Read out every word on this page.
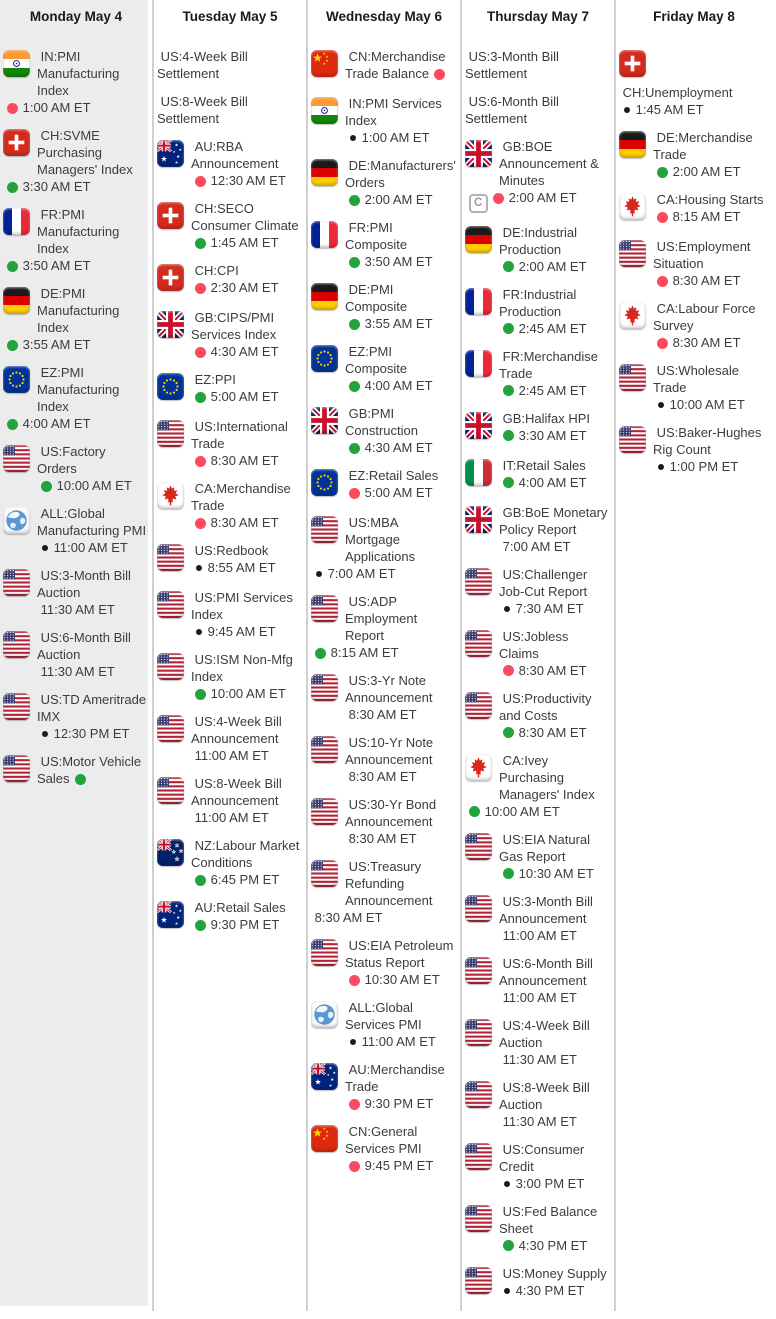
Monday May 4
IN:PMI Manufacturing Index
1:00 AM ET
CH:SVME Purchasing Managers' Index
3:30 AM ET
FR:PMI Manufacturing Index
3:50 AM ET
DE:PMI Manufacturing Index
3:55 AM ET
EZ:PMI Manufacturing Index
4:00 AM ET
US:Factory Orders
10:00 AM ET
ALL:Global Manufacturing PMI
11:00 AM ET
US:3-Month Bill Auction
11:30 AM ET
US:6-Month Bill Auction
11:30 AM ET
US:TD Ameritrade IMX
12:30 PM ET
US:Motor Vehicle Sales
Tuesday May 5
US:4-Week Bill Settlement
US:8-Week Bill Settlement
AU:RBA Announcement
12:30 AM ET
CH:SECO Consumer Climate
1:45 AM ET
CH:CPI
2:30 AM ET
GB:CIPS/PMI Services Index
4:30 AM ET
EZ:PPI
5:00 AM ET
US:International Trade
8:30 AM ET
CA:Merchandise Trade
8:30 AM ET
US:Redbook
8:55 AM ET
US:PMI Services Index
9:45 AM ET
US:ISM Non-Mfg Index
10:00 AM ET
US:4-Week Bill Announcement
11:00 AM ET
US:8-Week Bill Announcement
11:00 AM ET
NZ:Labour Market Conditions
6:45 PM ET
AU:Retail Sales
9:30 PM ET
Wednesday May 6
CN:Merchandise Trade Balance
IN:PMI Services Index
1:00 AM ET
DE:Manufacturers' Orders
2:00 AM ET
FR:PMI Composite
3:50 AM ET
DE:PMI Composite
3:55 AM ET
EZ:PMI Composite
4:00 AM ET
GB:PMI Construction
4:30 AM ET
EZ:Retail Sales
5:00 AM ET
US:MBA Mortgage Applications
7:00 AM ET
US:ADP Employment Report
8:15 AM ET
US:3-Yr Note Announcement
8:30 AM ET
US:10-Yr Note Announcement
8:30 AM ET
US:30-Yr Bond Announcement
8:30 AM ET
US:Treasury Refunding Announcement
8:30 AM ET
US:EIA Petroleum Status Report
10:30 AM ET
ALL:Global Services PMI
11:00 AM ET
AU:Merchandise Trade
9:30 PM ET
CN:General Services PMI
9:45 PM ET
Thursday May 7
US:3-Month Bill Settlement
US:6-Month Bill Settlement
GB:BOE Announcement & Minutes
C 2:00 AM ET
DE:Industrial Production
2:00 AM ET
FR:Industrial Production
2:45 AM ET
FR:Merchandise Trade
2:45 AM ET
GB:Halifax HPI
3:30 AM ET
IT:Retail Sales
4:00 AM ET
GB:BoE Monetary Policy Report
7:00 AM ET
US:Challenger Job-Cut Report
7:30 AM ET
US:Jobless Claims
8:30 AM ET
US:Productivity and Costs
8:30 AM ET
CA:Ivey Purchasing Managers' Index
10:00 AM ET
US:EIA Natural Gas Report
10:30 AM ET
US:3-Month Bill Announcement
11:00 AM ET
US:6-Month Bill Announcement
11:00 AM ET
US:4-Week Bill Auction
11:30 AM ET
US:8-Week Bill Auction
11:30 AM ET
US:Consumer Credit
3:00 PM ET
US:Fed Balance Sheet
4:30 PM ET
US:Money Supply
4:30 PM ET
Friday May 8
CH:Unemployment
1:45 AM ET
DE:Merchandise Trade
2:00 AM ET
CA:Housing Starts
8:15 AM ET
US:Employment Situation
8:30 AM ET
CA:Labour Force Survey
8:30 AM ET
US:Wholesale Trade
10:00 AM ET
US:Baker-Hughes Rig Count
1:00 PM ET
